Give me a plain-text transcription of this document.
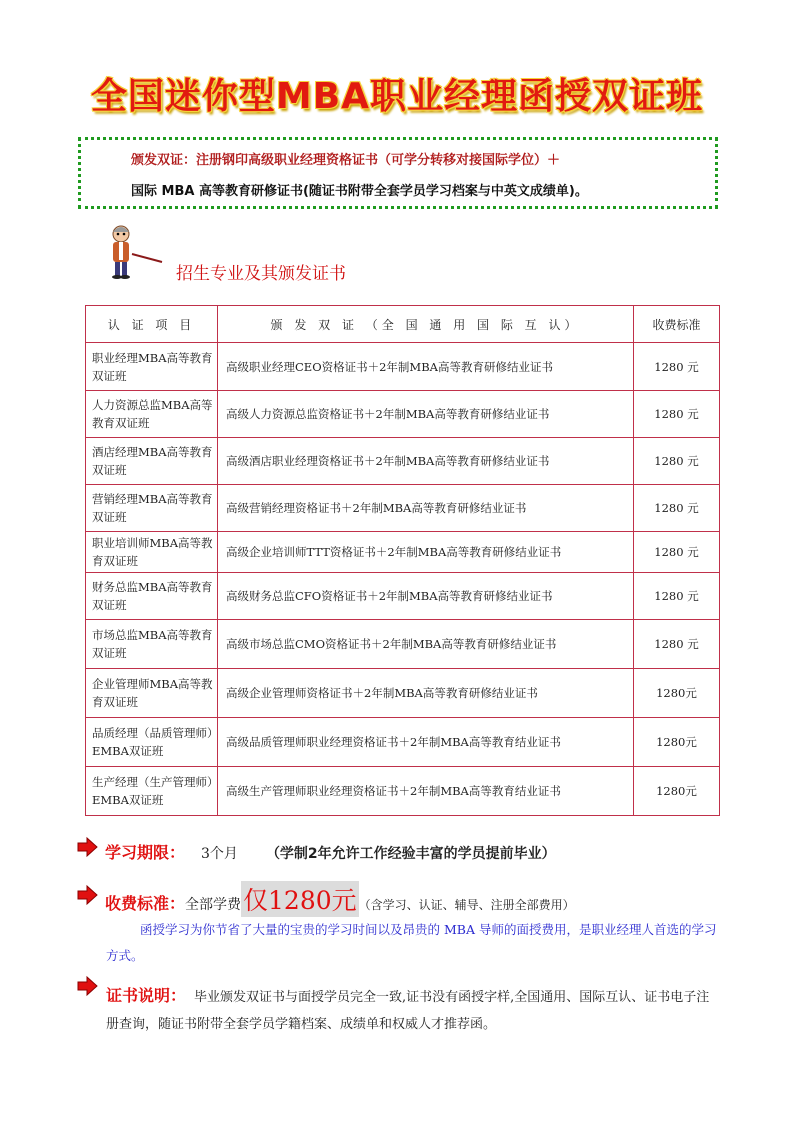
全国迷你型MBA职业经理函授双证班
颁发双证：注册钢印高级职业经理资格证书（可学分转移对接国际学位）＋
国际 MBA 高等教育研修证书(随证书附带全套学员学习档案与中英文成绩单)。
招生专业及其颁发证书
认 证 项 目	颁 发 双 证 （全 国 通 用 国 际 互 认）	收费标准
职业经理MBA高等教育双证班	高级职业经理CEO资格证书＋2年制MBA高等教育研修结业证书	1280 元
人力资源总监MBA高等教育双证班	高级人力资源总监资格证书＋2年制MBA高等教育研修结业证书	1280 元
酒店经理MBA高等教育双证班	高级酒店职业经理资格证书＋2年制MBA高等教育研修结业证书	1280 元
营销经理MBA高等教育双证班	高级营销经理资格证书＋2年制MBA高等教育研修结业证书	1280 元
职业培训师MBA高等教育双证班	高级企业培训师TTT资格证书＋2年制MBA高等教育研修结业证书	1280 元
财务总监MBA高等教育双证班	高级财务总监CFO资格证书＋2年制MBA高等教育研修结业证书	1280 元
市场总监MBA高等教育双证班	高级市场总监CMO资格证书＋2年制MBA高等教育研修结业证书	1280 元
企业管理师MBA高等教育双证班	高级企业管理师资格证书＋2年制MBA高等教育研修结业证书	1280元
品质经理（品质管理师）EMBA双证班	高级品质管理师职业经理资格证书＋2年制MBA高等教育结业证书	1280元
生产经理（生产管理师）EMBA双证班	高级生产管理师职业经理资格证书＋2年制MBA高等教育结业证书	1280元
学习期限： 3个月 （学制2年允许工作经验丰富的学员提前毕业）
收费标准：全部学费仅1280元 （含学习、认证、辅导、注册全部费用）
函授学习为你节省了大量的宝贵的学习时间以及昂贵的 MBA 导师的面授费用，是职业经理人首选的学习方式。
证书说明： 毕业颁发双证书与面授学员完全一致,证书没有函授字样,全国通用、国际互认、证书电子注册查询，随证书附带全套学员学籍档案、成绩单和权威人才推荐函。
